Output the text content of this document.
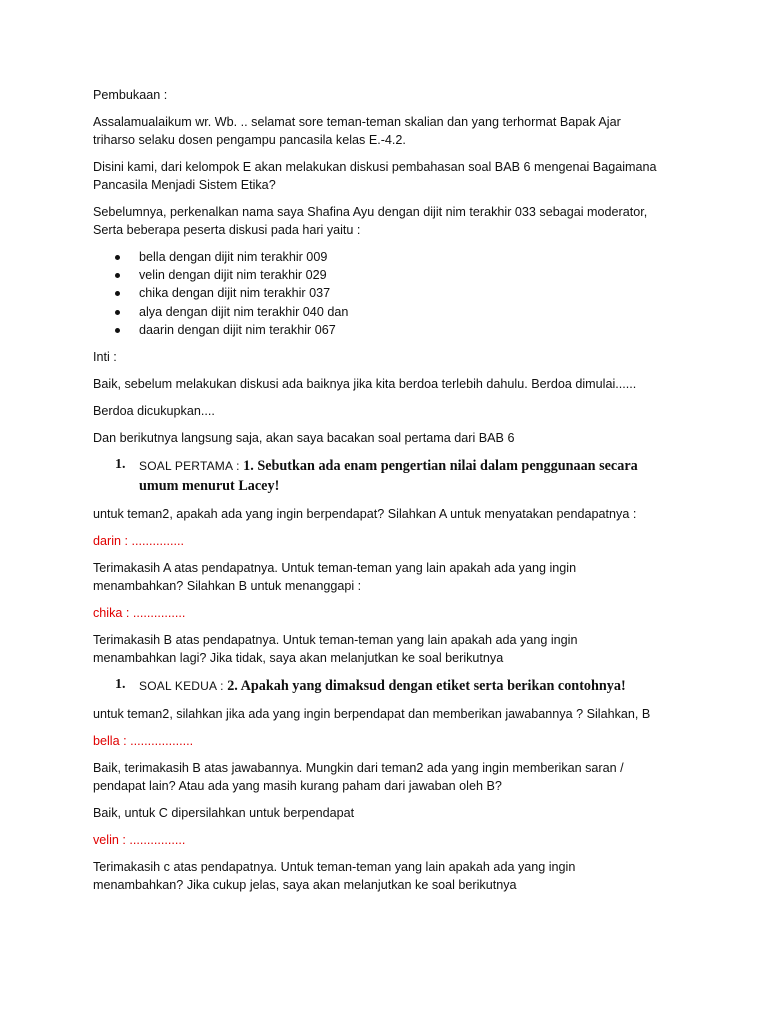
Pembukaan :

Assalamualaikum wr. Wb. .. selamat sore teman-teman skalian dan yang terhormat Bapak Ajar

triharso selaku dosen pengampu pancasila kelas E.-4.2.

Disini kami, dari kelompok E akan melakukan diskusi pembahasan soal BAB 6 mengenai Bagaimana

Pancasila Menjadi Sistem Etika?

Sebelumnya, perkenalkan nama saya Shafina Ayu dengan dijit nim terakhir 033 sebagai moderator,

Serta beberapa peserta diskusi pada hari yaitu :

bella dengan dijit nim terakhir 009
velin dengan dijit nim terakhir 029
chika dengan dijit nim terakhir 037
alya dengan dijit nim terakhir 040 dan
daarin dengan dijit nim terakhir 067

Inti :

Baik, sebelum melakukan diskusi ada baiknya jika kita berdoa terlebih dahulu. Berdoa dimulai......

Berdoa dicukupkan....

Dan berikutnya langsung saja, akan saya bacakan soal pertama dari BAB 6

1. SOAL PERTAMA : 1. Sebutkan ada enam pengertian nilai dalam penggunaan secara
umum menurut Lacey!

untuk teman2, apakah ada yang ingin berpendapat? Silahkan A untuk menyatakan pendapatnya :

darin : ...............

Terimakasih A atas pendapatnya. Untuk teman-teman yang lain apakah ada yang ingin

menambahkan? Silahkan B untuk menanggapi :

chika : ...............

Terimakasih B atas pendapatnya. Untuk teman-teman yang lain apakah ada yang ingin

menambahkan lagi? Jika tidak, saya akan melanjutkan ke soal berikutnya

1. SOAL KEDUA : 2. Apakah yang dimaksud dengan etiket serta berikan contohnya!

untuk teman2, silahkan jika ada yang ingin berpendapat dan memberikan jawabannya ? Silahkan, B

bella : ..................

Baik, terimakasih B atas jawabannya. Mungkin dari teman2 ada yang ingin memberikan saran /

pendapat lain? Atau ada yang masih kurang paham dari jawaban oleh B?

Baik, untuk C dipersilahkan untuk berpendapat

velin : ................

Terimakasih c atas pendapatnya. Untuk teman-teman yang lain apakah ada yang ingin

menambahkan? Jika cukup jelas, saya akan melanjutkan ke soal berikutnya
